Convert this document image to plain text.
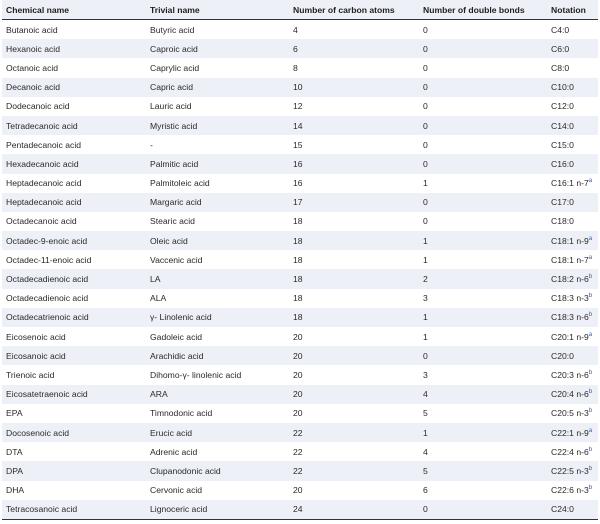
Chemical name	Trivial name	Number of carbon atoms	Number of double bonds	Notation
Butanoic acid	Butyric acid	4	0	C4:0
Hexanoic acid	Caproic acid	6	0	C6:0
Octanoic acid	Caprylic acid	8	0	C8:0
Decanoic acid	Capric acid	10	0	C10:0
Dodecanoic acid	Lauric acid	12	0	C12:0
Tetradecanoic acid	Myristic acid	14	0	C14:0
Pentadecanoic acid	-	15	0	C15:0
Hexadecanoic acid	Palmitic acid	16	0	C16:0
Heptadecanoic acid	Palmitoleic acid	16	1	C16:1 n-7$^a$
Heptadecanoic acid	Margaric acid	17	0	C17:0
Octadecanoic acid	Stearic acid	18	0	C18:0
Octadec-9-enoic acid	Oleic acid	18	1	C18:1 n-9$^a$
Octadec-11-enoic acid	Vaccenic acid	18	1	C18:1 n-7$^a$
Octadecadienoic acid	LA	18	2	C18:2 n-6$^b$
Octadecadienoic acid	ALA	18	3	C18:3 n-3$^b$
Octadecatrienoic acid	γ- Linolenic acid	18	1	C18:3 n-6$^b$
Eicosenoic acid	Gadoleic acid	20	1	C20:1 n-9$^a$
Eicosanoic acid	Arachidic acid	20	0	C20:0
Trienoic acid	Dihomo-γ- linolenic acid	20	3	C20:3 n-6$^b$
Eicosatetraenoic acid	ARA	20	4	C20:4 n-6$^b$
EPA	Timnodonic acid	20	5	C20:5 n-3$^b$
Docosenoic acid	Erucic acid	22	1	C22:1 n-9$^a$
DTA	Adrenic acid	22	4	C22:4 n-6$^b$
DPA	Clupanodonic acid	22	5	C22:5 n-3$^b$
DHA	Cervonic acid	20	6	C22:6 n-3$^b$
Tetracosanoic acid	Lignoceric acid	24	0	C24:0
